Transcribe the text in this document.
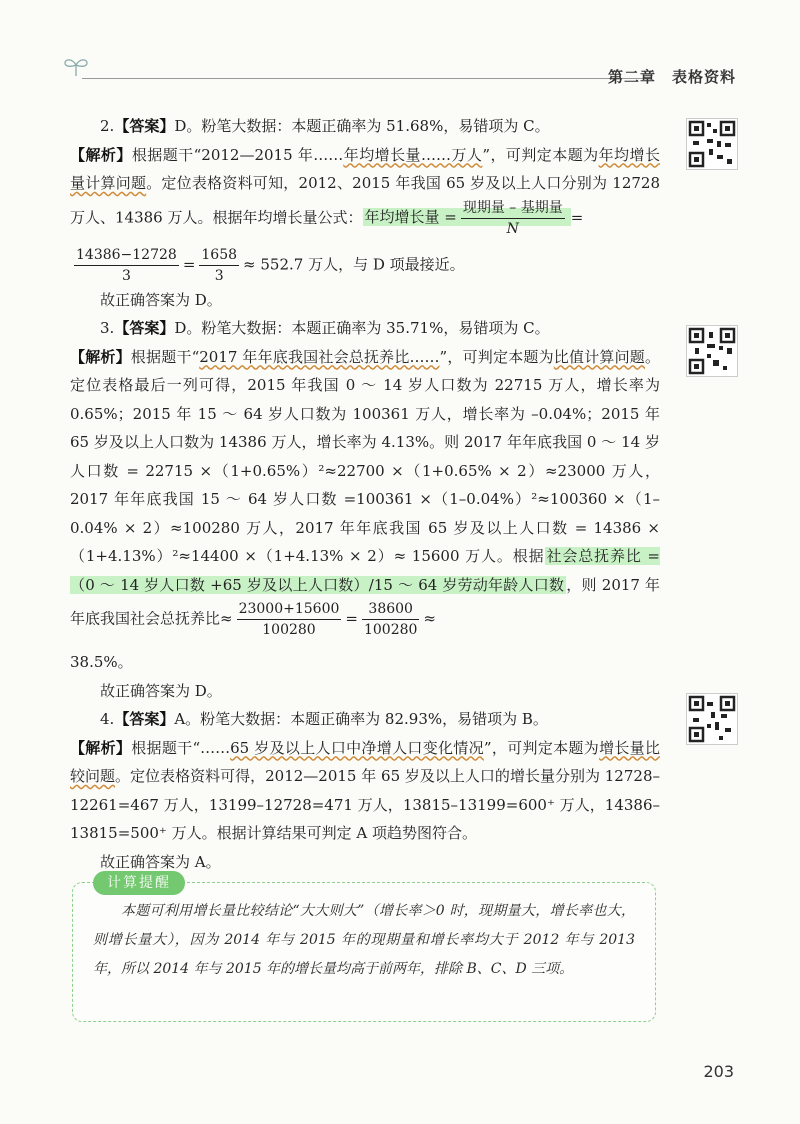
第二章　表格资料

2.【答案】D。粉笔大数据：本题正确率为 51.68%，易错项为 C。

【解析】根据题干“2012—2015 年……年均增长量……万人”，可判定本题为年均增长量计算问题。定位表格资料可知，2012、2015 年我国 65 岁及以上人口分别为 12728 万人、14386 万人。根据年均增长量公式： 年均增长量 = $\frac{\text{现期量 – 基期量}}{N}$ =

$\frac{14386-12728}{3} = \frac{1658}{3} \approx 552.7$ 万人，与 D 项最接近。

故正确答案为 D。

3.【答案】D。粉笔大数据：本题正确率为 35.71%，易错项为 C。

【解析】根据题干“2017 年年底我国社会总抚养比……”，可判定本题为比值计算问题。定位表格最后一列可得，2015 年我国 0 ～ 14 岁人口数为 22715 万人，增长率为 0.65%；2015 年 15 ～ 64 岁人口数为 100361 万人，增长率为 –0.04%；2015 年 65 岁及以上人口数为 14386 万人，增长率为 4.13%。则 2017 年年底我国 0 ～ 14 岁人口数 = 22715 ×（1+0.65%）²≈22700 ×（1+0.65% × 2）≈23000 万人，2017 年年底我国 15 ～ 64 岁人口数 =100361 ×（1–0.04%）²≈100360 ×（1–0.04% × 2）≈100280 万人，2017 年年底我国 65 岁及以上人口数 = 14386 ×（1+4.13%）²≈14400 ×（1+4.13% × 2）≈ 15600 万人。根据 社会总抚养比 =（0 ～ 14 岁人口数 +65 岁及以上人口数）/15 ～ 64 岁劳动年龄人口数 ，则 2017 年年底我国社会总抚养比≈ $\frac{23000+15600}{100280} = \frac{38600}{100280}$ ≈

38.5%。

故正确答案为 D。

4.【答案】A。粉笔大数据：本题正确率为 82.93%，易错项为 B。

【解析】根据题干“……65 岁及以上人口中净增人口变化情况”，可判定本题为增长量比较问题。定位表格资料可得，2012—2015 年 65 岁及以上人口的增长量分别为 12728–12261=467 万人，13199–12728=471 万人，13815–13199=600⁺ 万人，14386–13815=500⁺ 万人。根据计算结果可判定 A 项趋势图符合。

故正确答案为 A。

计算提醒
本题可利用增长量比较结论“大大则大”（增长率＞0 时，现期量大，增长率也大，则增长量大），因为 2014 年与 2015 年的现期量和增长率均大于 2012 年与 2013 年，所以 2014 年与 2015 年的增长量均高于前两年，排除 B、C、D 三项。
203
